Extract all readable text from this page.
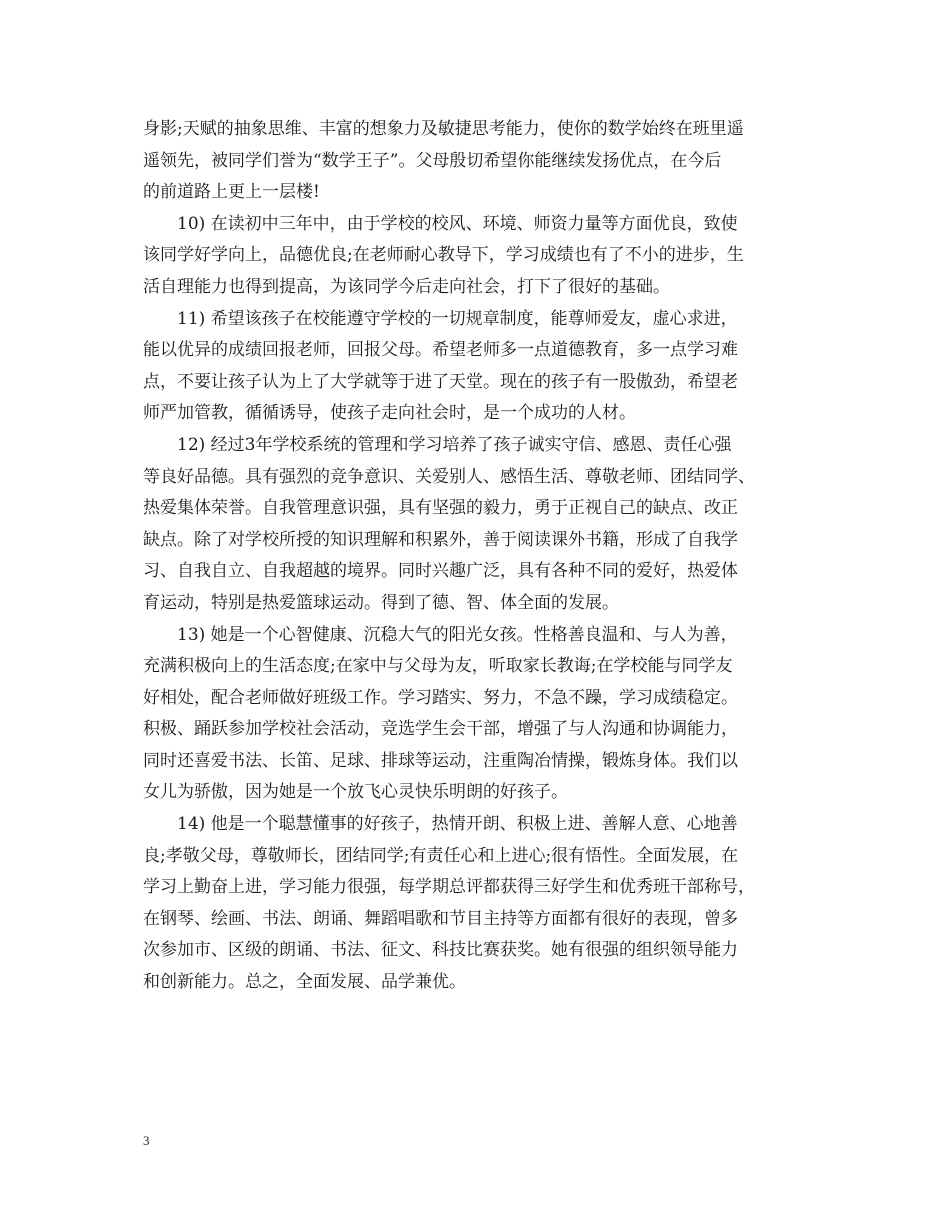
身影;天赋的抽象思维、丰富的想象力及敏捷思考能力，使你的数学始终在班里遥
遥领先，被同学们誉为“数学王子”。父母殷切希望你能继续发扬优点，在今后
的前道路上更上一层楼!
10) 在读初中三年中，由于学校的校风、环境、师资力量等方面优良，致使
该同学好学向上，品德优良;在老师耐心教导下，学习成绩也有了不小的进步，生
活自理能力也得到提高，为该同学今后走向社会，打下了很好的基础。
11) 希望该孩子在校能遵守学校的一切规章制度，能尊师爱友，虚心求进，
能以优异的成绩回报老师，回报父母。希望老师多一点道德教育，多一点学习难
点，不要让孩子认为上了大学就等于进了天堂。现在的孩子有一股傲劲，希望老
师严加管教，循循诱导，使孩子走向社会时，是一个成功的人材。
12) 经过3年学校系统的管理和学习培养了孩子诚实守信、感恩、责任心强
等良好品德。具有强烈的竞争意识、关爱别人、感悟生活、尊敬老师、团结同学、
热爱集体荣誉。自我管理意识强，具有坚强的毅力，勇于正视自己的缺点、改正
缺点。除了对学校所授的知识理解和积累外，善于阅读课外书籍，形成了自我学
习、自我自立、自我超越的境界。同时兴趣广泛，具有各种不同的爱好，热爱体
育运动，特别是热爱篮球运动。得到了德、智、体全面的发展。
13) 她是一个心智健康、沉稳大气的阳光女孩。性格善良温和、与人为善，
充满积极向上的生活态度;在家中与父母为友，听取家长教诲;在学校能与同学友
好相处，配合老师做好班级工作。学习踏实、努力，不急不躁，学习成绩稳定。
积极、踊跃参加学校社会活动，竞选学生会干部，增强了与人沟通和协调能力，
同时还喜爱书法、长笛、足球、排球等运动，注重陶冶情操，锻炼身体。我们以
女儿为骄傲，因为她是一个放飞心灵快乐明朗的好孩子。
14) 他是一个聪慧懂事的好孩子，热情开朗、积极上进、善解人意、心地善
良;孝敬父母，尊敬师长，团结同学;有责任心和上进心;很有悟性。全面发展，在
学习上勤奋上进，学习能力很强，每学期总评都获得三好学生和优秀班干部称号，
在钢琴、绘画、书法、朗诵、舞蹈唱歌和节目主持等方面都有很好的表现，曾多
次参加市、区级的朗诵、书法、征文、科技比赛获奖。她有很强的组织领导能力
和创新能力。总之，全面发展、品学兼优。
3
